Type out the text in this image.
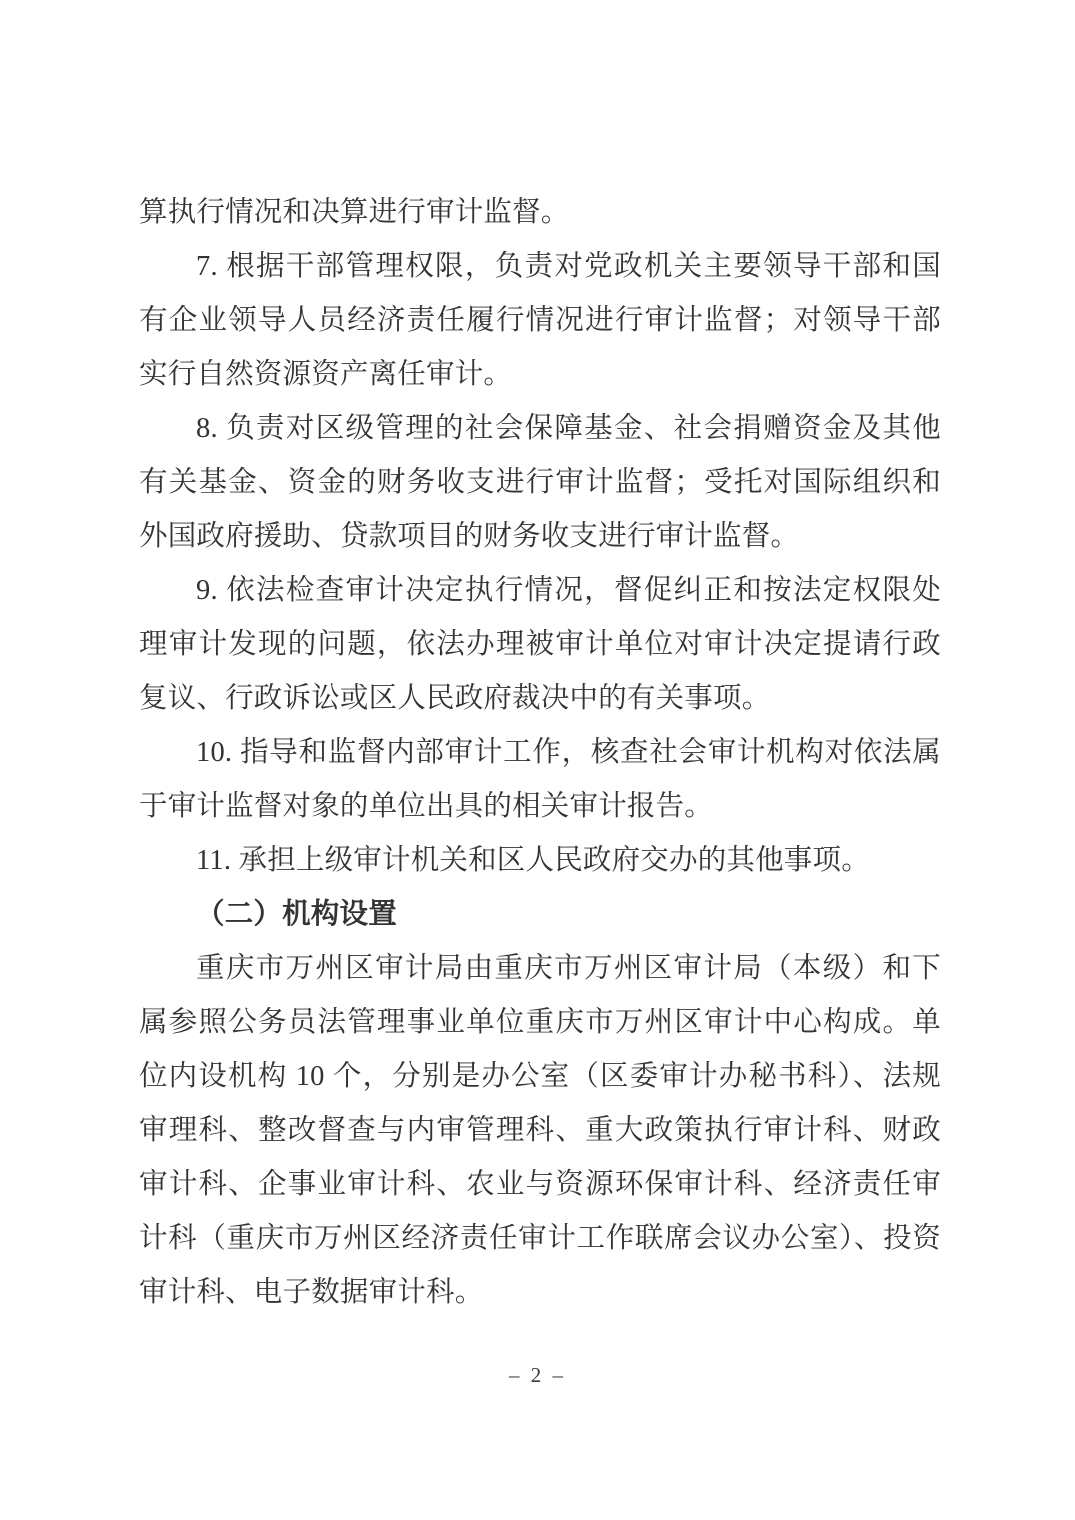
算执行情况和决算进行审计监督。

7. 根据干部管理权限，负责对党政机关主要领导干部和国有企业领导人员经济责任履行情况进行审计监督；对领导干部实行自然资源资产离任审计。

8. 负责对区级管理的社会保障基金、社会捐赠资金及其他有关基金、资金的财务收支进行审计监督；受托对国际组织和外国政府援助、贷款项目的财务收支进行审计监督。

9. 依法检查审计决定执行情况，督促纠正和按法定权限处理审计发现的问题，依法办理被审计单位对审计决定提请行政复议、行政诉讼或区人民政府裁决中的有关事项。

10. 指导和监督内部审计工作，核查社会审计机构对依法属于审计监督对象的单位出具的相关审计报告。

11. 承担上级审计机关和区人民政府交办的其他事项。

（二）机构设置

重庆市万州区审计局由重庆市万州区审计局（本级）和下属参照公务员法管理事业单位重庆市万州区审计中心构成。单位内设机构 10 个，分别是办公室（区委审计办秘书科）、法规审理科、整改督查与内审管理科、重大政策执行审计科、财政审计科、企事业审计科、农业与资源环保审计科、经济责任审计科（重庆市万州区经济责任审计工作联席会议办公室）、投资审计科、电子数据审计科。

– 2 –
